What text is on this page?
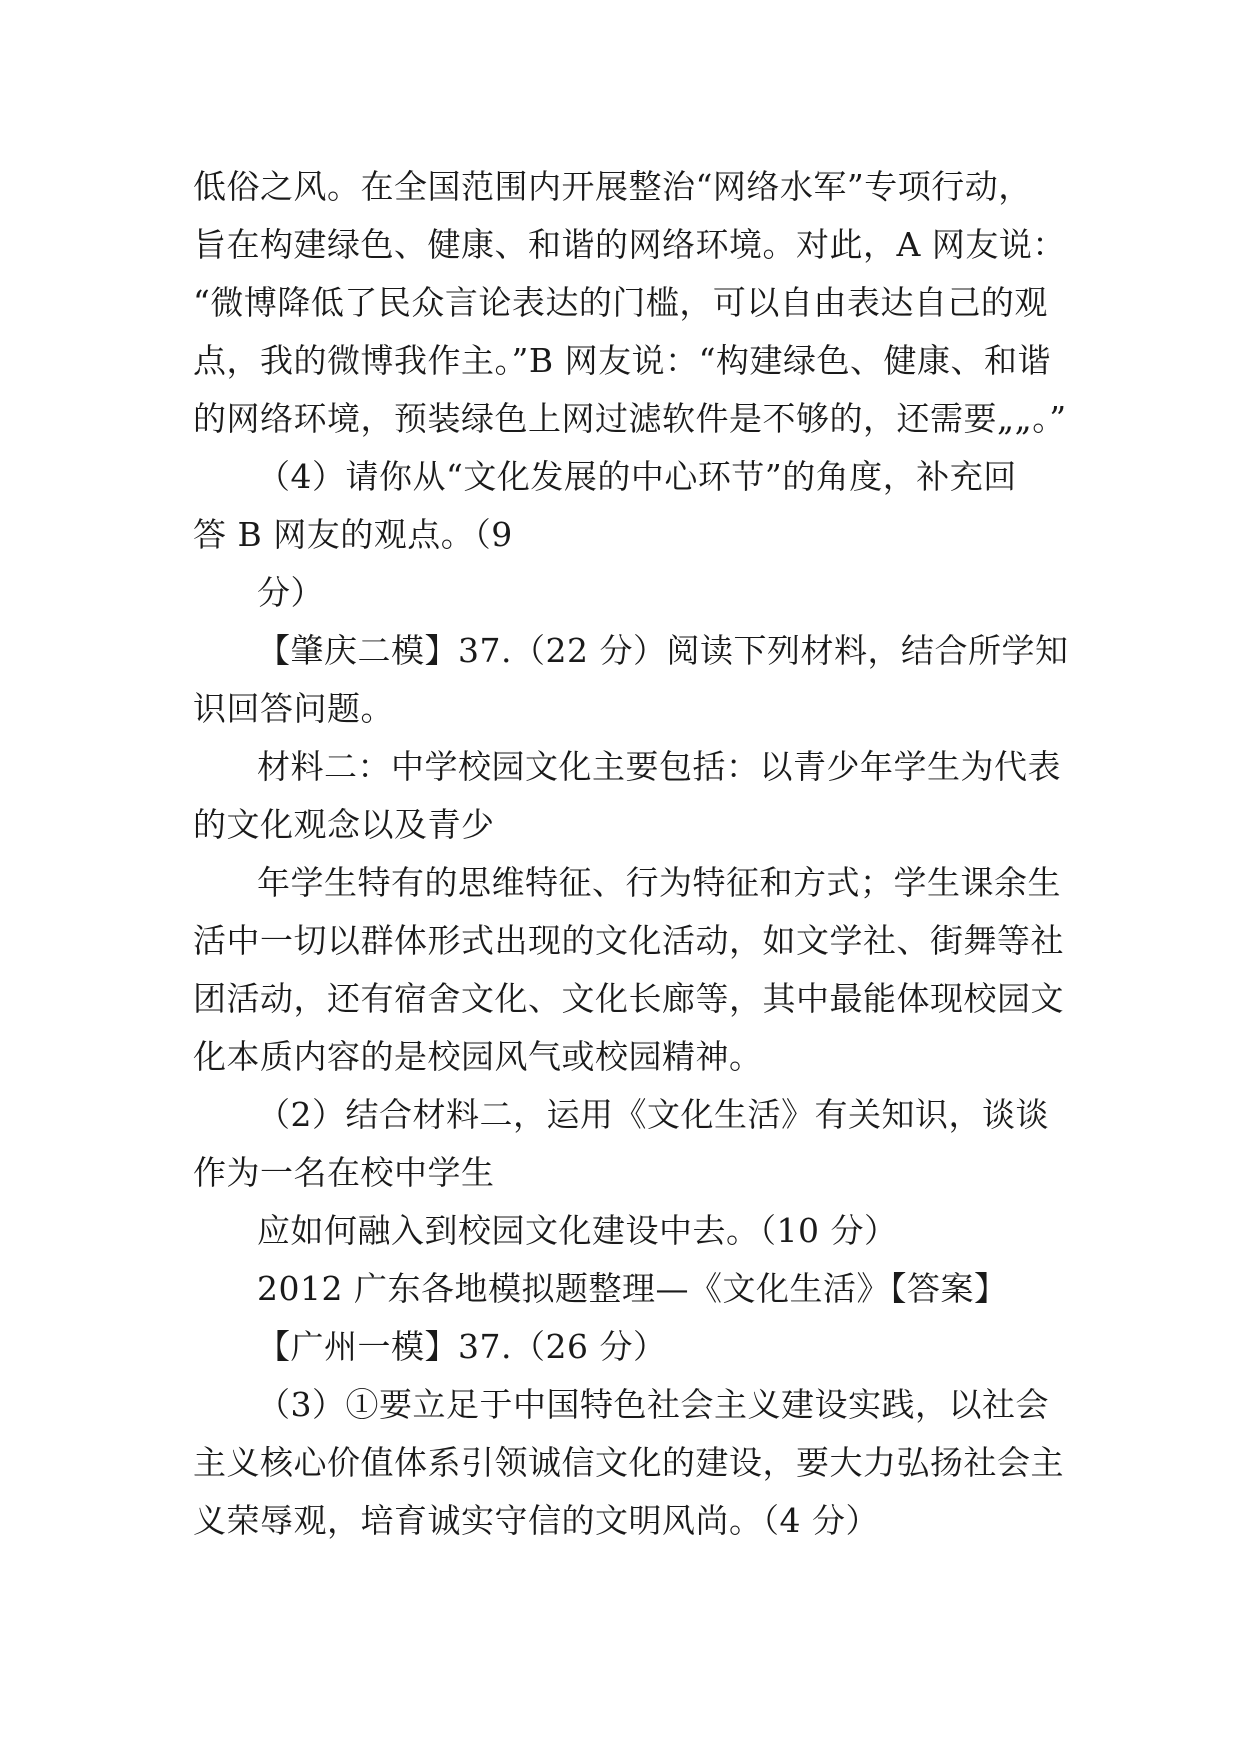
低俗之风。在全国范围内开展整治“网络水军”专项行动，
旨在构建绿色、健康、和谐的网络环境。对此，A 网友说：
“微博降低了民众言论表达的门槛，可以自由表达自己的观
点，我的微博我作主。”B 网友说：“构建绿色、健康、和谐
的网络环境，预装绿色上网过滤软件是不够的，还需要„„。”
（4）请你从“文化发展的中心环节”的角度，补充回
答 B 网友的观点。（9
分）
【肇庆二模】37.（22 分）阅读下列材料，结合所学知
识回答问题。
材料二：中学校园文化主要包括：以青少年学生为代表
的文化观念以及青少
年学生特有的思维特征、行为特征和方式；学生课余生
活中一切以群体形式出现的文化活动，如文学社、街舞等社
团活动，还有宿舍文化、文化长廊等，其中最能体现校园文
化本质内容的是校园风气或校园精神。
（2）结合材料二，运用《文化生活》有关知识，谈谈
作为一名在校中学生
应如何融入到校园文化建设中去。（10 分）
2012 广东各地模拟题整理—《文化生活》【答案】
【广州一模】37.（26 分）
（3）①要立足于中国特色社会主义建设实践，以社会
主义核心价值体系引领诚信文化的建设，要大力弘扬社会主
义荣辱观，培育诚实守信的文明风尚。（4 分）
